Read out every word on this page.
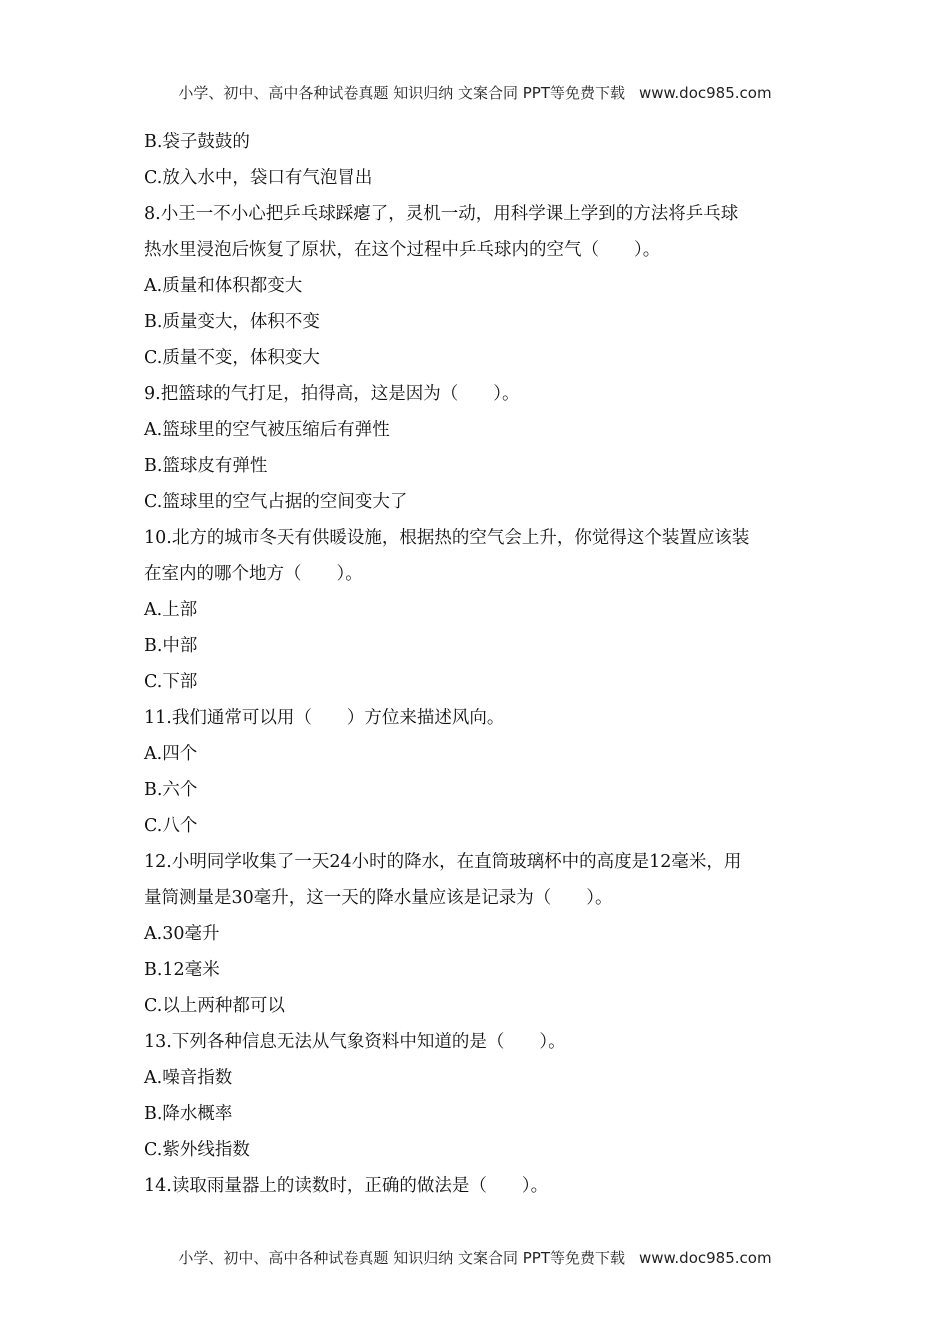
小学、初中、高中各种试卷真题 知识归纳 文案合同 PPT等免费下载 www.doc985.com
B.袋子鼓鼓的
C.放入水中，袋口有气泡冒出
8.小王一不小心把乒乓球踩瘪了，灵机一动，用科学课上学到的方法将乒乓球
热水里浸泡后恢复了原状，在这个过程中乒乓球内的空气（　　）。
A.质量和体积都变大
B.质量变大，体积不变
C.质量不变，体积变大
9.把篮球的气打足，拍得高，这是因为（　　）。
A.篮球里的空气被压缩后有弹性
B.篮球皮有弹性
C.篮球里的空气占据的空间变大了
10.北方的城市冬天有供暖设施，根据热的空气会上升，你觉得这个装置应该装
在室内的哪个地方（　　）。
A.上部
B.中部
C.下部
11.我们通常可以用（　　）方位来描述风向。
A.四个
B.六个
C.八个
12.小明同学收集了一天24小时的降水，在直筒玻璃杯中的高度是12毫米，用
量筒测量是30毫升，这一天的降水量应该是记录为（　　）。
A.30毫升
B.12毫米
C.以上两种都可以
13.下列各种信息无法从气象资料中知道的是（　　）。
A.噪音指数
B.降水概率
C.紫外线指数
14.读取雨量器上的读数时，正确的做法是（　　）。
小学、初中、高中各种试卷真题 知识归纳 文案合同 PPT等免费下载 www.doc985.com
